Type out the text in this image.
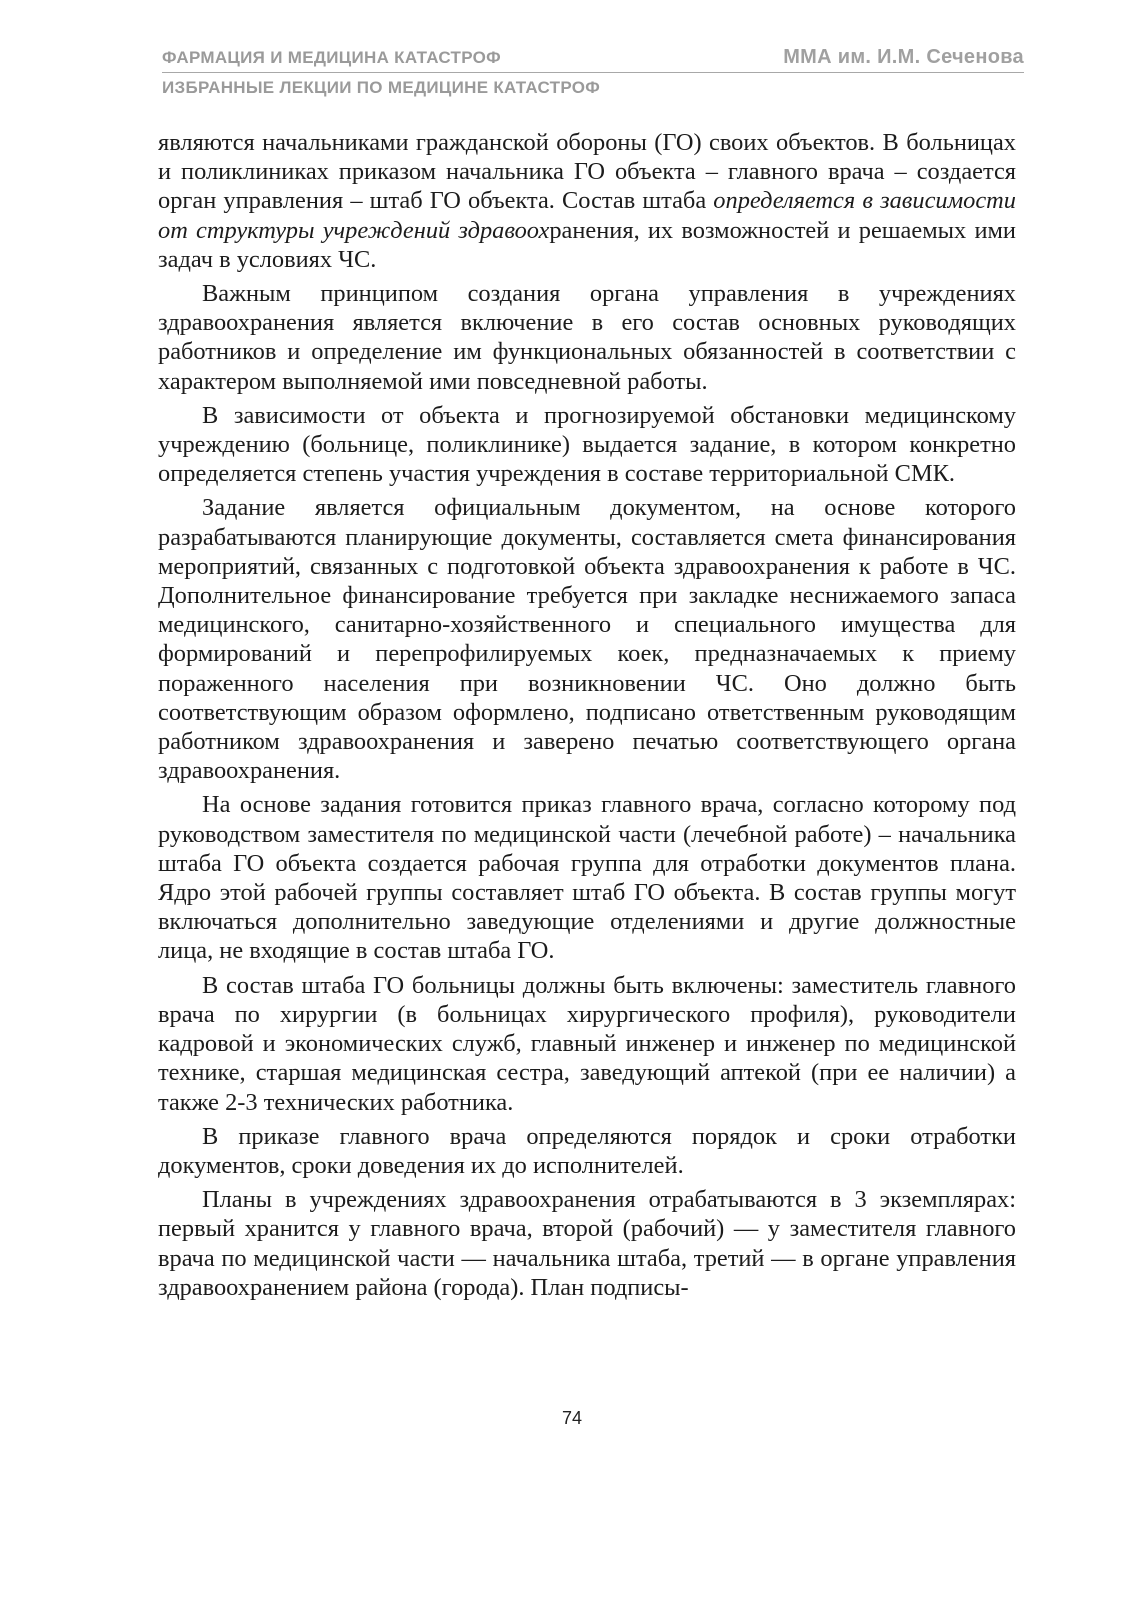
ФАРМАЦИЯ И МЕДИЦИНА КАТАСТРОФ	ММА им. И.М. Сеченова
ИЗБРАННЫЕ ЛЕКЦИИ ПО МЕДИЦИНЕ КАТАСТРОФ

являются начальниками гражданской обороны (ГО) своих объектов. В больницах и поликлиниках приказом начальника ГО объекта – главного врача – создается орган управления – штаб ГО объекта. Состав штаба определяется в зависимости от структуры учреждений здравоохранения, их возможностей и решаемых ими задач в условиях ЧС.

Важным принципом создания органа управления в учреждениях здравоохранения является включение в его состав основных руководящих работников и определение им функциональных обязанностей в соответствии с характером выполняемой ими повседневной работы.

В зависимости от объекта и прогнозируемой обстановки медицинскому учреждению (больнице, поликлинике) выдается задание, в котором конкретно определяется степень участия учреждения в составе территориальной СМК.

Задание является официальным документом, на основе которого разрабатываются планирующие документы, составляется смета финансирования мероприятий, связанных с подготовкой объекта здравоохранения к работе в ЧС. Дополнительное финансирование требуется при закладке неснижаемого запаса медицинского, санитарно-хозяйственного и специального имущества для формирований и перепрофилируемых коек, предназначаемых к приему пораженного населения при возникновении ЧС. Оно должно быть соответствующим образом оформлено, подписано ответственным руководящим работником здравоохранения и заверено печатью соответствующего органа здравоохранения.

На основе задания готовится приказ главного врача, согласно которому под руководством заместителя по медицинской части (лечебной работе) – начальника штаба ГО объекта создается рабочая группа для отработки документов плана. Ядро этой рабочей группы составляет штаб ГО объекта. В состав группы могут включаться дополнительно заведующие отделениями и другие должностные лица, не входящие в состав штаба ГО.

В состав штаба ГО больницы должны быть включены: заместитель главного врача по хирургии (в больницах хирургического профиля), руководители кадровой и экономических служб, главный инженер и инженер по медицинской технике, старшая медицинская сестра, заведующий аптекой (при ее наличии) а также 2-3 технических работника.

В приказе главного врача определяются порядок и сроки отработки документов, сроки доведения их до исполнителей.

Планы в учреждениях здравоохранения отрабатываются в 3 экземплярах: первый хранится у главного врача, второй (рабочий) — у заместителя главного врача по медицинской части — начальника штаба, третий — в органе управления здравоохранением района (города). План подписы-

74
